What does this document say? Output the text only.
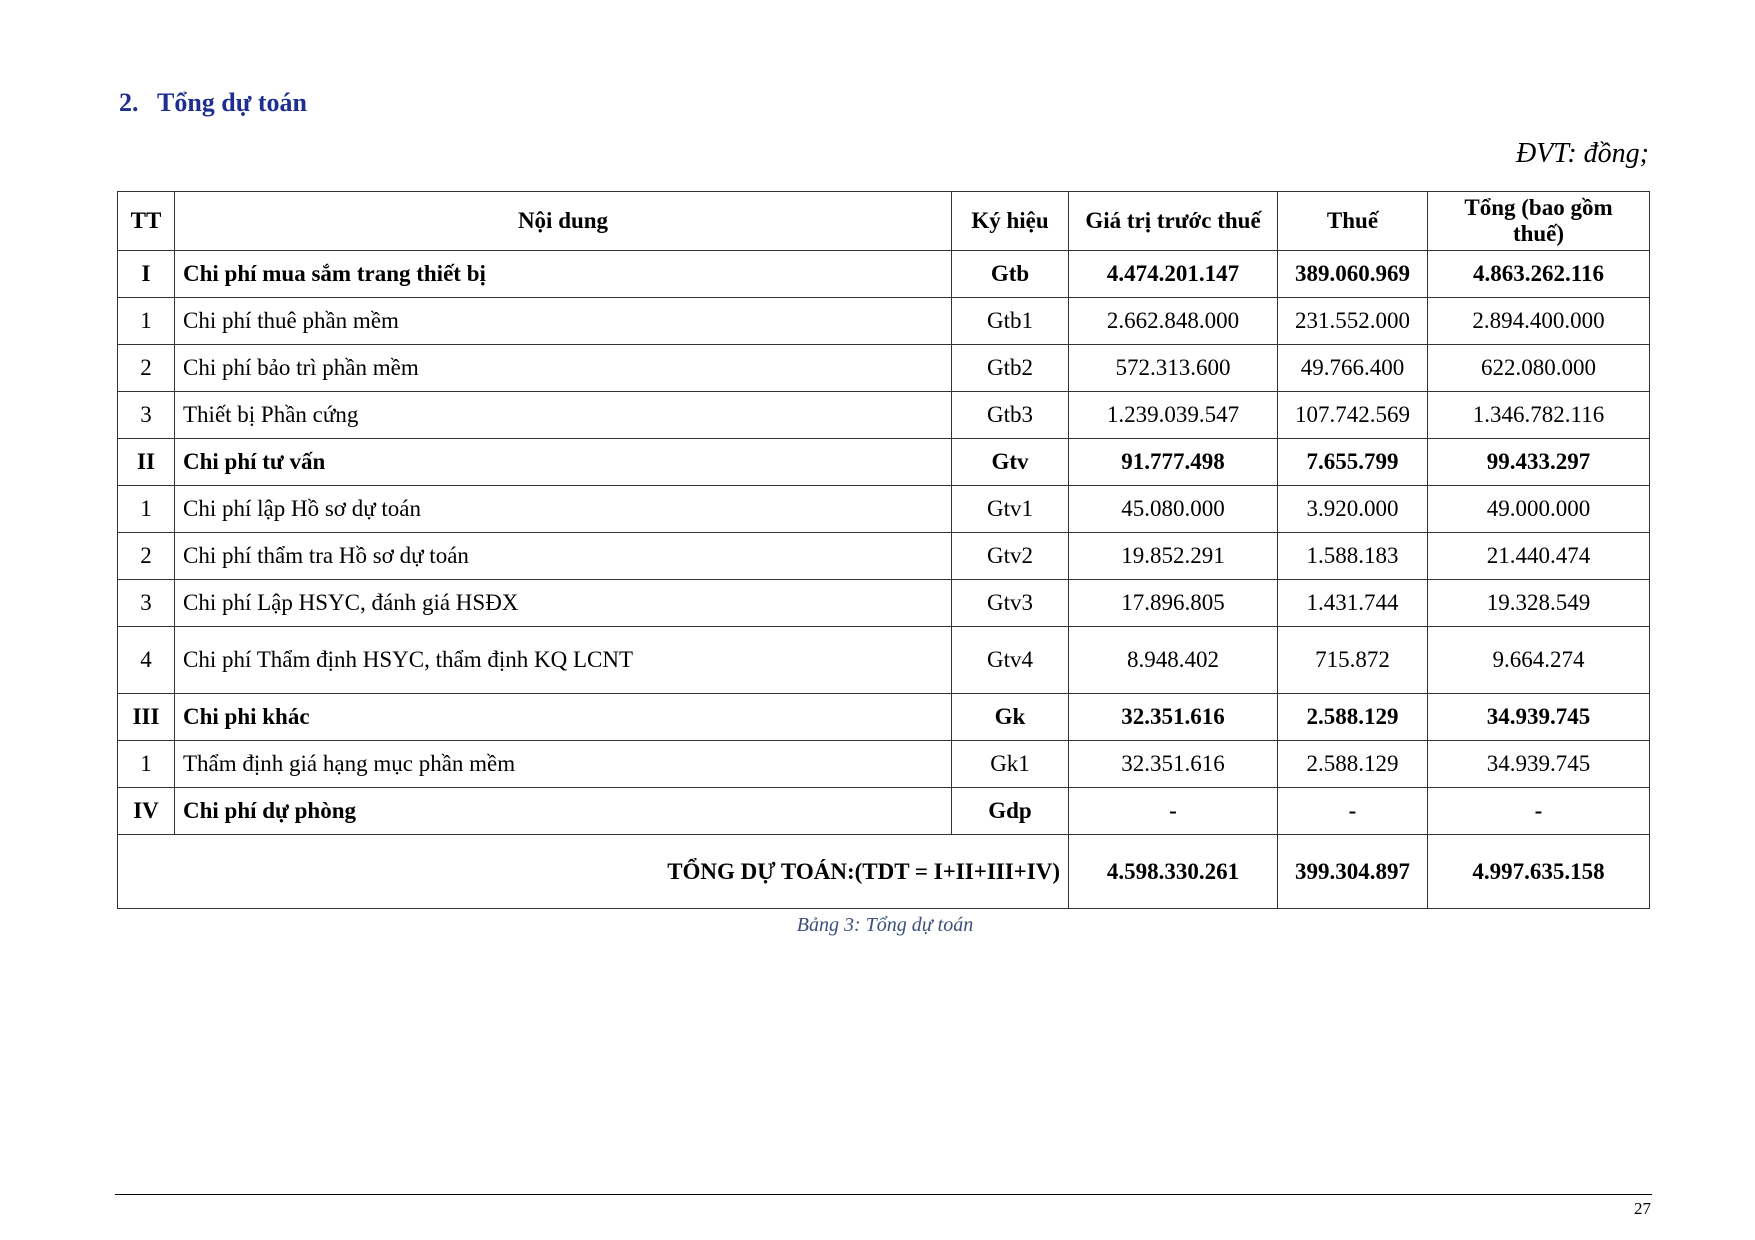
2. Tổng dự toán
ĐVT: đồng;
TT	Nội dung	Ký hiệu	Giá trị trước thuế	Thuế	Tổng (bao gồm thuế)
I	Chi phí mua sắm trang thiết bị	Gtb	4.474.201.147	389.060.969	4.863.262.116
1	Chi phí thuê phần mềm	Gtb1	2.662.848.000	231.552.000	2.894.400.000
2	Chi phí bảo trì phần mềm	Gtb2	572.313.600	49.766.400	622.080.000
3	Thiết bị Phần cứng	Gtb3	1.239.039.547	107.742.569	1.346.782.116
II	Chi phí tư vấn	Gtv	91.777.498	7.655.799	99.433.297
1	Chi phí lập Hồ sơ dự toán	Gtv1	45.080.000	3.920.000	49.000.000
2	Chi phí thẩm tra Hồ sơ dự toán	Gtv2	19.852.291	1.588.183	21.440.474
3	Chi phí Lập HSYC, đánh giá HSĐX	Gtv3	17.896.805	1.431.744	19.328.549
4	Chi phí Thẩm định HSYC, thẩm định KQ LCNT	Gtv4	8.948.402	715.872	9.664.274
III	Chi phi khác	Gk	32.351.616	2.588.129	34.939.745
1	Thẩm định giá hạng mục phần mềm	Gk1	32.351.616	2.588.129	34.939.745
IV	Chi phí dự phòng	Gdp	-	-	-
TỔNG DỰ TOÁN:(TDT = I+II+III+IV)			4.598.330.261	399.304.897	4.997.635.158
Bảng 3: Tổng dự toán
27
